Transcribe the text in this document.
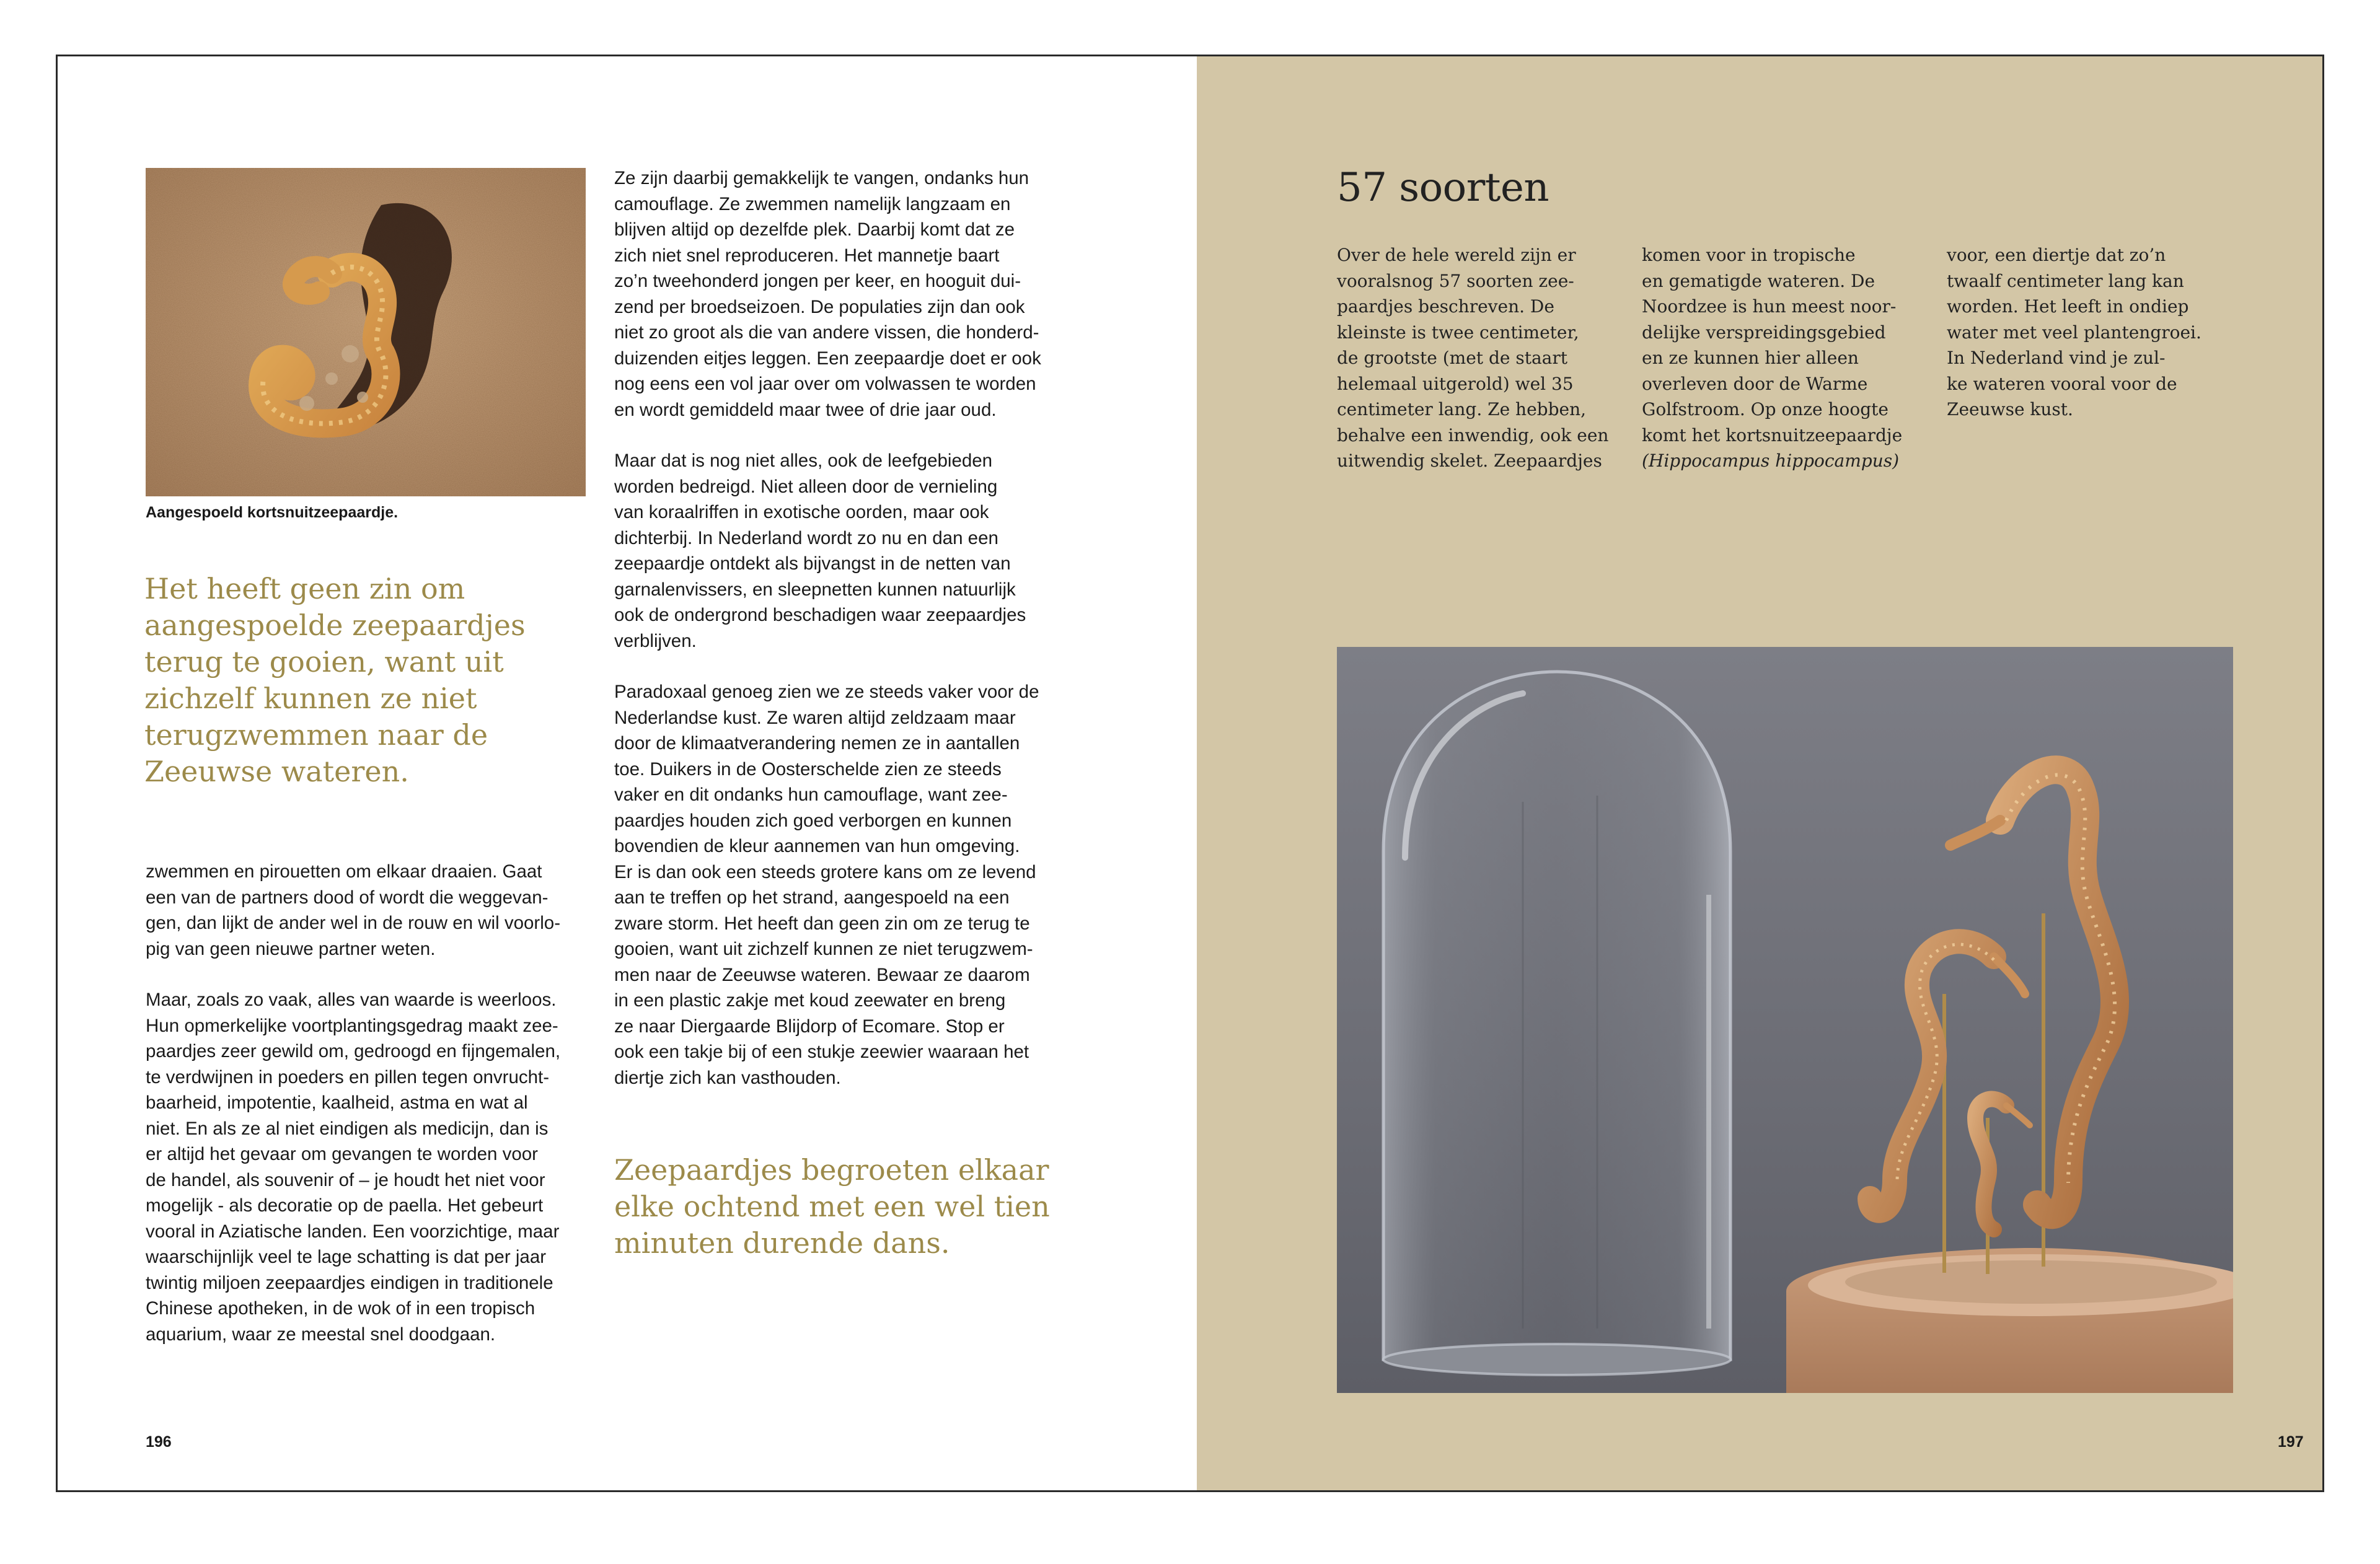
Aangespoeld kortsnuitzeepaardje.
Het heeft geen zin om aangespoelde zeepaardjes terug te gooien, want uit zichzelf kunnen ze niet terugzwemmen naar de Zeeuwse wateren.

zwemmen en pirouetten om elkaar draaien. Gaat
een van de partners dood of wordt die weggevan-
gen, dan lijkt de ander wel in de rouw en wil voorlo-
pig van geen nieuwe partner weten.

Maar, zoals zo vaak, alles van waarde is weerloos.
Hun opmerkelijke voortplantingsgedrag maakt zee-
paardjes zeer gewild om, gedroogd en fijngemalen,
te verdwijnen in poeders en pillen tegen onvrucht-
baarheid, impotentie, kaalheid, astma en wat al
niet. En als ze al niet eindigen als medicijn, dan is
er altijd het gevaar om gevangen te worden voor
de handel, als souvenir of – je houdt het niet voor
mogelijk - als decoratie op de paella. Het gebeurt
vooral in Aziatische landen. Een voorzichtige, maar
waarschijnlijk veel te lage schatting is dat per jaar
twintig miljoen zeepaardjes eindigen in traditionele
Chinese apotheken, in de wok of in een tropisch
aquarium, waar ze meestal snel doodgaan.

Ze zijn daarbij gemakkelijk te vangen, ondanks hun
camouflage. Ze zwemmen namelijk langzaam en
blijven altijd op dezelfde plek. Daarbij komt dat ze
zich niet snel reproduceren. Het mannetje baart
zo’n tweehonderd jongen per keer, en hooguit dui-
zend per broedseizoen. De populaties zijn dan ook
niet zo groot als die van andere vissen, die honderd-
duizenden eitjes leggen. Een zeepaardje doet er ook
nog eens een vol jaar over om volwassen te worden
en wordt gemiddeld maar twee of drie jaar oud.

Maar dat is nog niet alles, ook de leefgebieden
worden bedreigd. Niet alleen door de vernieling
van koraalriffen in exotische oorden, maar ook
dichterbij. In Nederland wordt zo nu en dan een
zeepaardje ontdekt als bijvangst in de netten van
garnalenvissers, en sleepnetten kunnen natuurlijk
ook de ondergrond beschadigen waar zeepaardjes
verblijven.

Paradoxaal genoeg zien we ze steeds vaker voor de
Nederlandse kust. Ze waren altijd zeldzaam maar
door de klimaatverandering nemen ze in aantallen
toe. Duikers in de Oosterschelde zien ze steeds
vaker en dit ondanks hun camouflage, want zee-
paardjes houden zich goed verborgen en kunnen
bovendien de kleur aannemen van hun omgeving.
Er is dan ook een steeds grotere kans om ze levend
aan te treffen op het strand, aangespoeld na een
zware storm. Het heeft dan geen zin om ze terug te
gooien, want uit zichzelf kunnen ze niet terugzwem-
men naar de Zeeuwse wateren. Bewaar ze daarom
in een plastic zakje met koud zeewater en breng
ze naar Diergaarde Blijdorp of Ecomare. Stop er
ook een takje bij of een stukje zeewier waaraan het
diertje zich kan vasthouden.

Zeepaardjes begroeten elkaar elke ochtend met een wel tien minuten durende dans.
196
57 soorten
Over de hele wereld zijn er
vooralsnog 57 soorten zee-
paardjes beschreven. De
kleinste is twee centimeter,
de grootste (met de staart
helemaal uitgerold) wel 35
centimeter lang. Ze hebben,
behalve een inwendig, ook een
uitwendig skelet. Zeepaardjes
komen voor in tropische
en gematigde wateren. De
Noordzee is hun meest noor-
delijke verspreidingsgebied
en ze kunnen hier alleen
overleven door de Warme
Golfstroom. Op onze hoogte
komt het kortsnuitzeepaardje
(Hippocampus hippocampus)
voor, een diertje dat zo’n
twaalf centimeter lang kan
worden. Het leeft in ondiep
water met veel plantengroei.
In Nederland vind je zul-
ke wateren vooral voor de
Zeeuwse kust.
197
